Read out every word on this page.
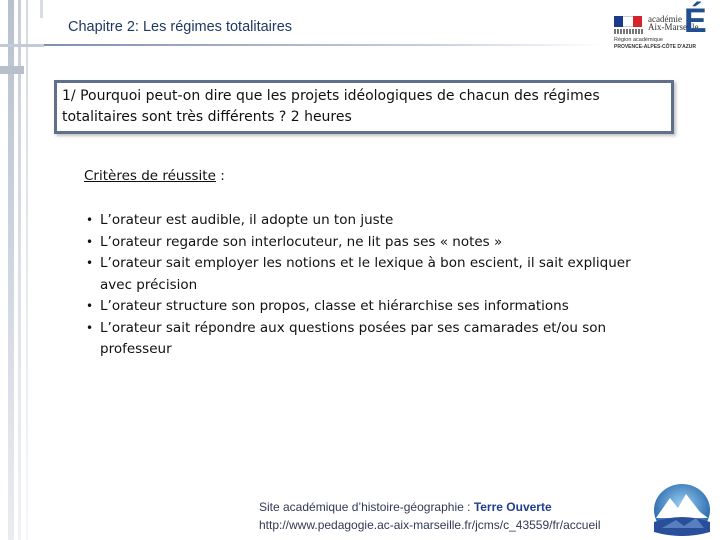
Chapitre 2: Les régimes totalitaires	académie
Aix-Marseille
É
Région académique
PROVENCE-ALPES-CÔTE D'AZUR
1/ Pourquoi peut-on dire que les projets idéologiques de chacun des régimes totalitaires sont très différents ? 2 heures
Critères de réussite :
• L’orateur est audible, il adopte un ton juste
• L’orateur regarde son interlocuteur, ne lit pas ses « notes »
• L’orateur sait employer les notions et le lexique à bon escient, il sait expliquer avec précision
• L’orateur structure son propos, classe et hiérarchise ses informations
• L’orateur sait répondre aux questions posées par ses camarades et/ou son professeur
Site académique d’histoire-géographie : Terre Ouverte
http://www.pedagogie.ac-aix-marseille.fr/jcms/c_43559/fr/accueil
